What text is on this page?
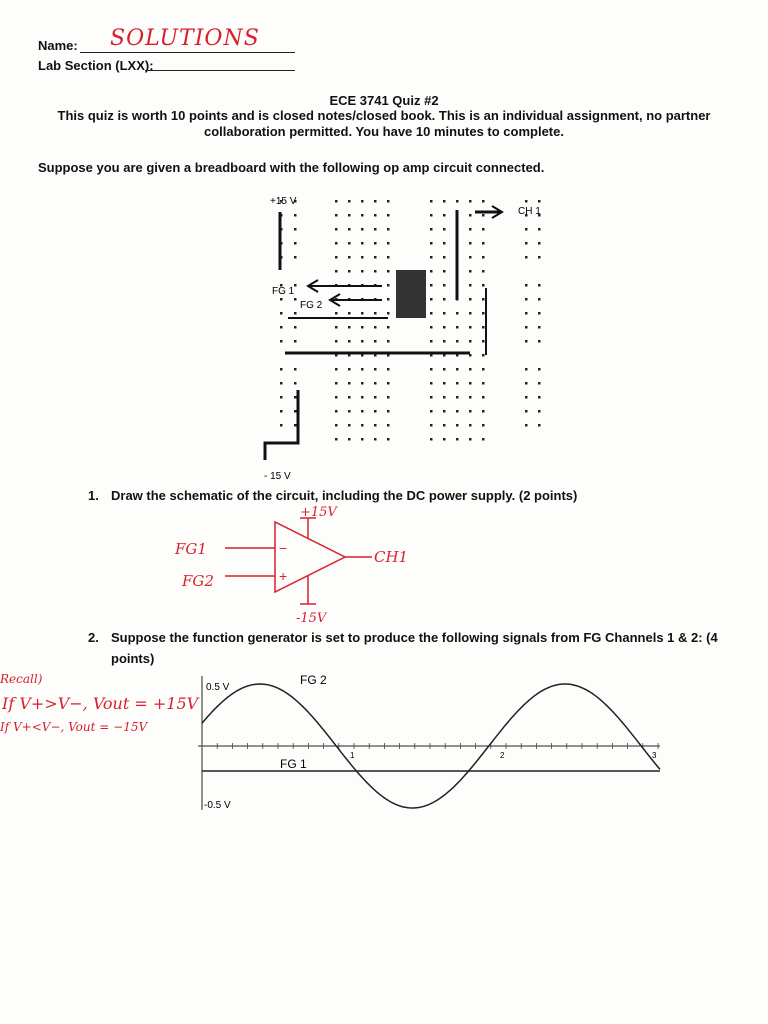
Name: SOLUTIONS
Lab Section (LXX):
ECE 3741 Quiz #2
This quiz is worth 10 points and is closed notes/closed book. This is an individual assignment, no partner
collaboration permitted. You have 10 minutes to complete.
Suppose you are given a breadboard with the following op amp circuit connected.
+15 V
FG 1
FG 2
CH 1
- 15 V
1. Draw the schematic of the circuit, including the DC power supply. (2 points)
+15V
-15V
FG1
FG2
CH1
−
+
2. Suppose the function generator is set to produce the following signals from FG Channels 1 & 2: (4
points)
Recall)
If V+>V−, Vout = +15V
If V+<V−, Vout = −15V
0.5 V
-0.5 V
FG 2
FG 1
1	2	3
